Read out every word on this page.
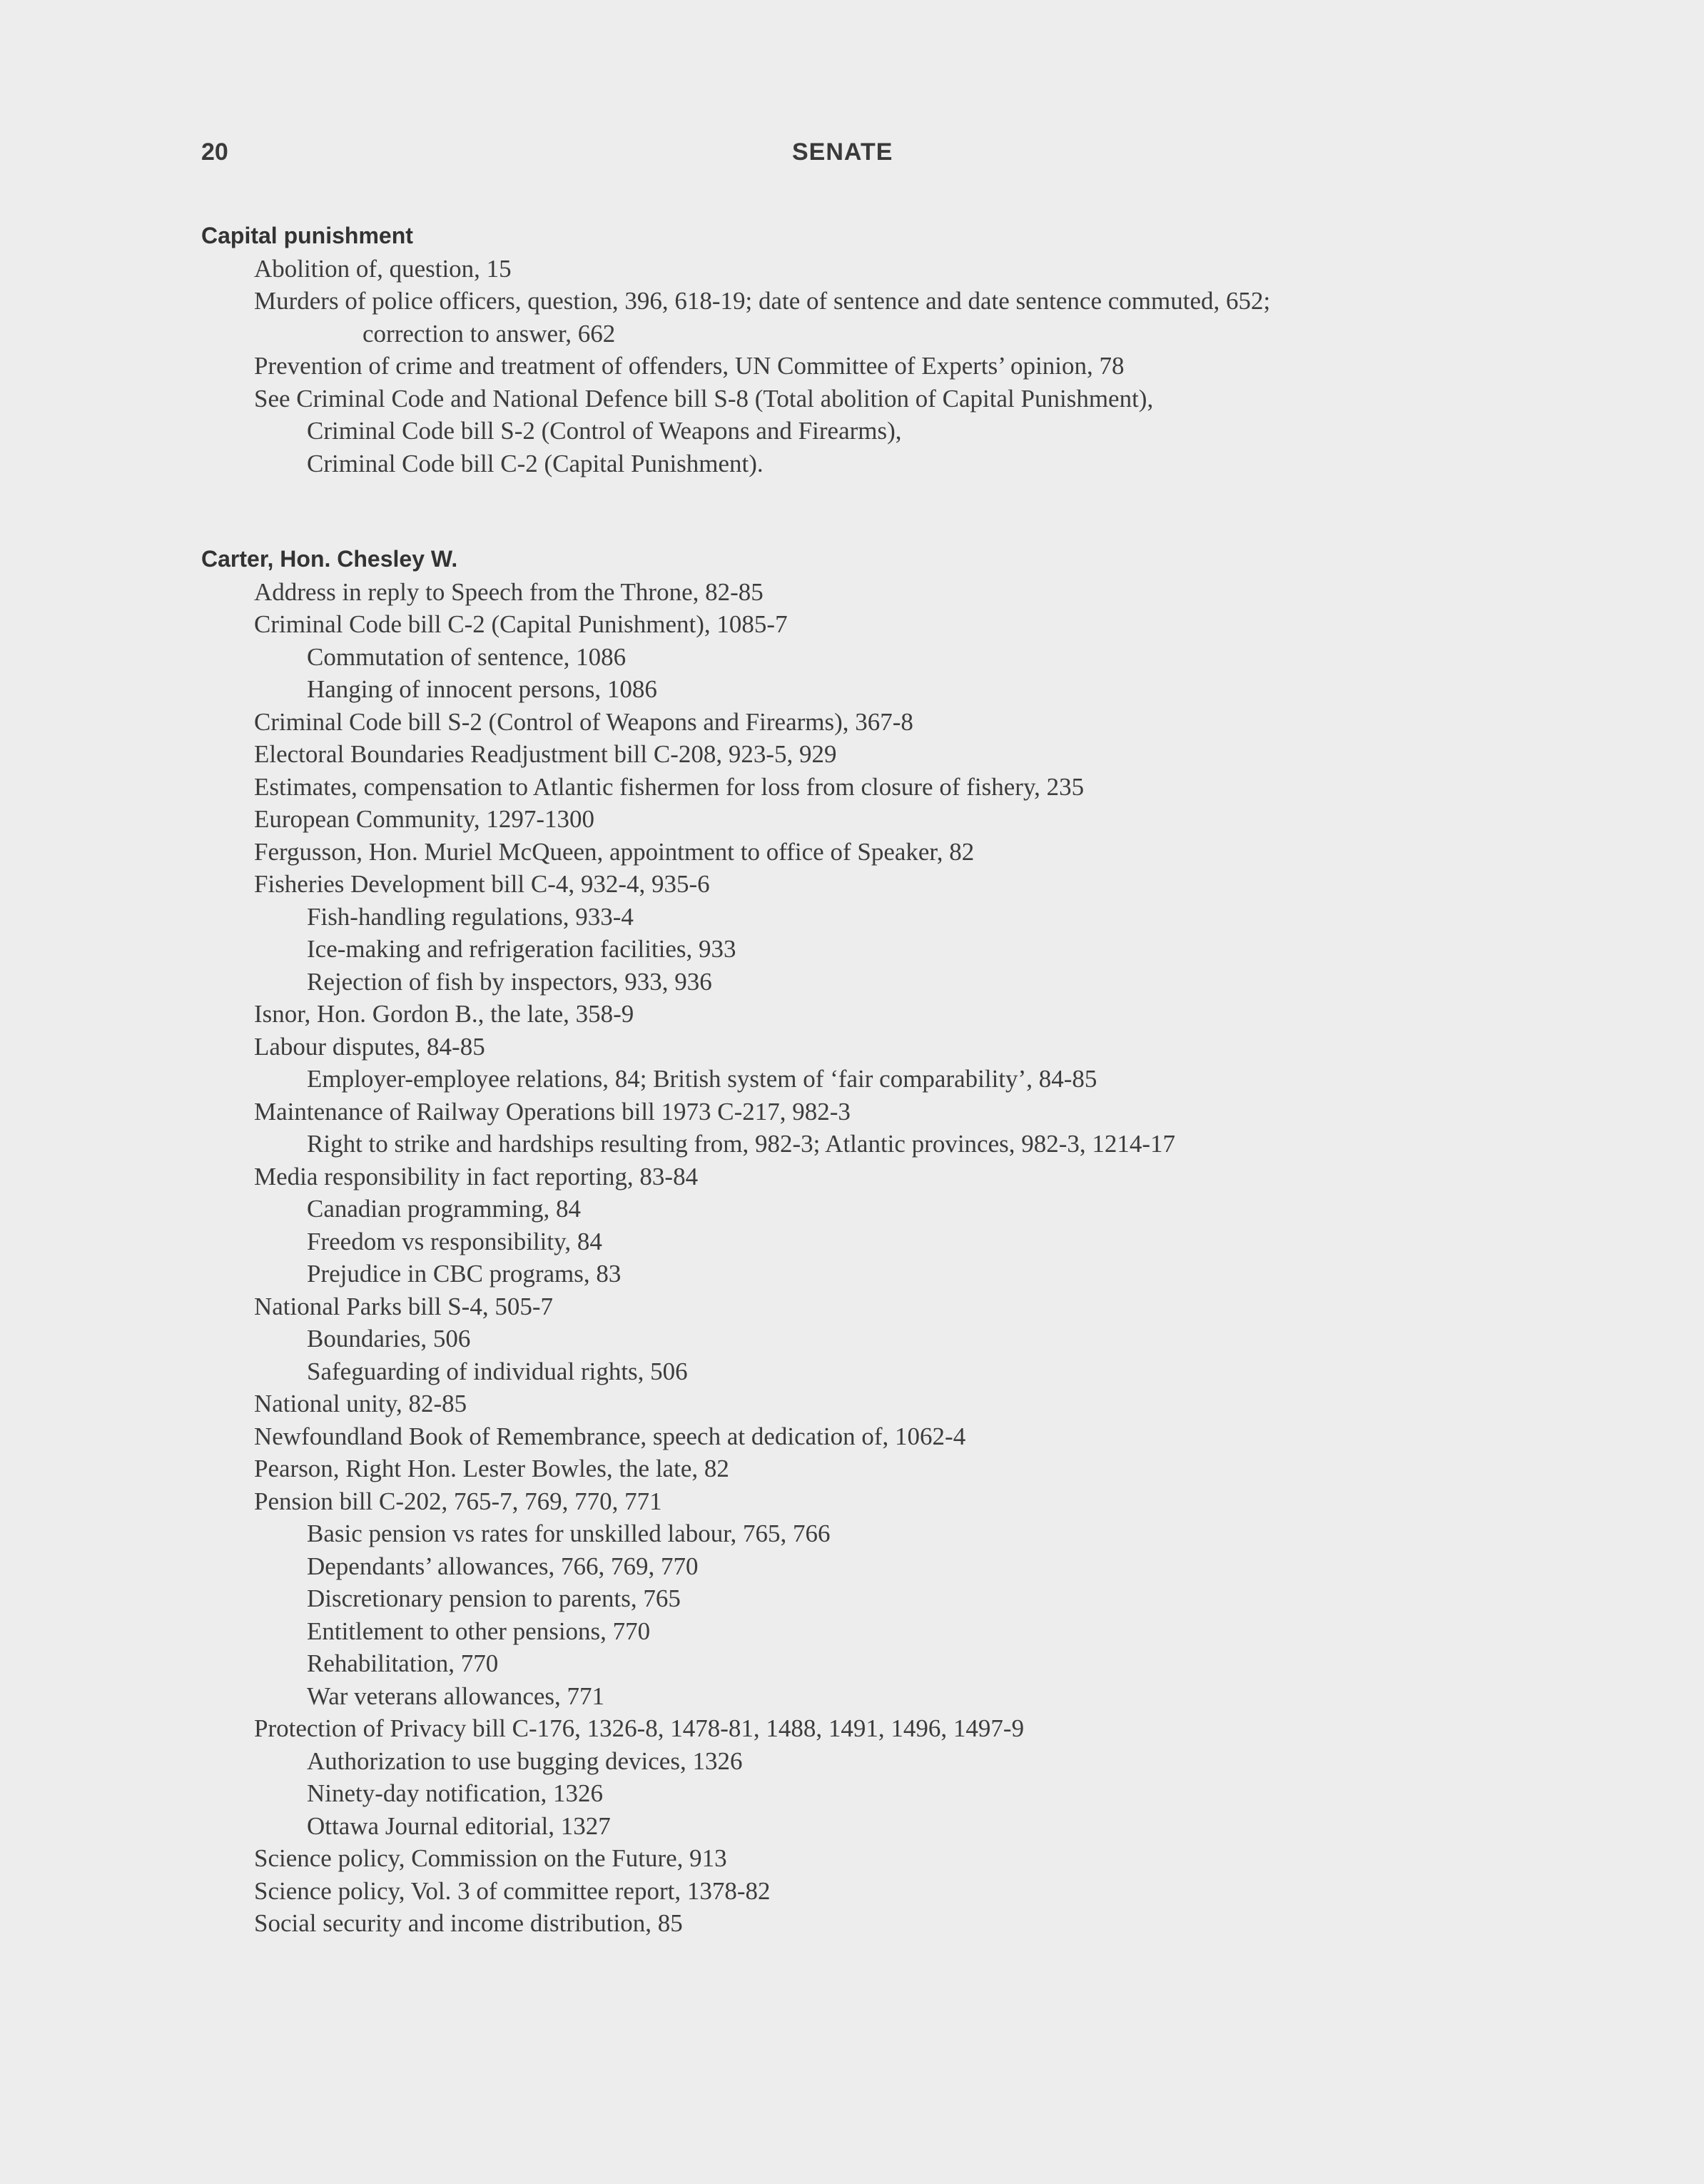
20	SENATE

Capital punishment

Abolition of, question, 15

Murders of police officers, question, 396, 618-19; date of sentence and date sentence commuted, 652;

correction to answer, 662

Prevention of crime and treatment of offenders, UN Committee of Experts’ opinion, 78

See Criminal Code and National Defence bill S-8 (Total abolition of Capital Punishment),

Criminal Code bill S-2 (Control of Weapons and Firearms),

Criminal Code bill C-2 (Capital Punishment).

Carter, Hon. Chesley W.

Address in reply to Speech from the Throne, 82-85

Criminal Code bill C-2 (Capital Punishment), 1085-7

Commutation of sentence, 1086

Hanging of innocent persons, 1086

Criminal Code bill S-2 (Control of Weapons and Firearms), 367-8

Electoral Boundaries Readjustment bill C-208, 923-5, 929

Estimates, compensation to Atlantic fishermen for loss from closure of fishery, 235

European Community, 1297-1300

Fergusson, Hon. Muriel McQueen, appointment to office of Speaker, 82

Fisheries Development bill C-4, 932-4, 935-6

Fish-handling regulations, 933-4

Ice-making and refrigeration facilities, 933

Rejection of fish by inspectors, 933, 936

Isnor, Hon. Gordon B., the late, 358-9

Labour disputes, 84-85

Employer-employee relations, 84; British system of ‘fair comparability’, 84-85

Maintenance of Railway Operations bill 1973 C-217, 982-3

Right to strike and hardships resulting from, 982-3; Atlantic provinces, 982-3, 1214-17

Media responsibility in fact reporting, 83-84

Canadian programming, 84

Freedom vs responsibility, 84

Prejudice in CBC programs, 83

National Parks bill S-4, 505-7

Boundaries, 506

Safeguarding of individual rights, 506

National unity, 82-85

Newfoundland Book of Remembrance, speech at dedication of, 1062-4

Pearson, Right Hon. Lester Bowles, the late, 82

Pension bill C-202, 765-7, 769, 770, 771

Basic pension vs rates for unskilled labour, 765, 766

Dependants’ allowances, 766, 769, 770

Discretionary pension to parents, 765

Entitlement to other pensions, 770

Rehabilitation, 770

War veterans allowances, 771

Protection of Privacy bill C-176, 1326-8, 1478-81, 1488, 1491, 1496, 1497-9

Authorization to use bugging devices, 1326

Ninety-day notification, 1326

Ottawa Journal editorial, 1327

Science policy, Commission on the Future, 913

Science policy, Vol. 3 of committee report, 1378-82

Social security and income distribution, 85
